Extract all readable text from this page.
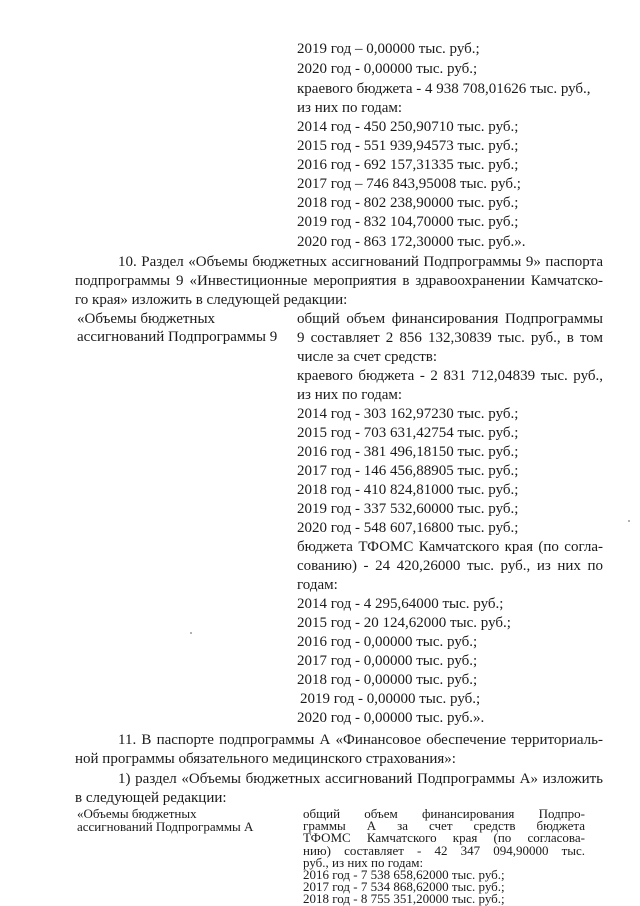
2019 год – 0,00000 тыс. руб.;
2020 год - 0,00000 тыс. руб.;
краевого бюджета - 4 938 708,01626 тыс. руб.,
из них по годам:
2014 год - 450 250,90710 тыс. руб.;
2015 год - 551 939,94573 тыс. руб.;
2016 год - 692 157,31335 тыс. руб.;
2017 год – 746 843,95008 тыс. руб.;
2018 год - 802 238,90000 тыс. руб.;
2019 год - 832 104,70000 тыс. руб.;
2020 год - 863 172,30000 тыс. руб.».
10. Раздел «Объемы бюджетных ассигнований Подпрограммы 9» паспорта
подпрограммы 9 «Инвестиционные мероприятия в здравоохранении Камчатско-
го края» изложить в следующей редакции:
«Объемы бюджетных
ассигнований Подпрограммы 9
общий объем финансирования Подпрограммы
9 составляет 2 856 132,30839 тыс. руб., в том
числе за счет средств:
краевого бюджета - 2 831 712,04839 тыс. руб.,
из них по годам:
2014 год - 303 162,97230 тыс. руб.;
2015 год - 703 631,42754 тыс. руб.;
2016 год - 381 496,18150 тыс. руб.;
2017 год - 146 456,88905 тыс. руб.;
2018 год - 410 824,81000 тыс. руб.;
2019 год - 337 532,60000 тыс. руб.;
2020 год - 548 607,16800 тыс. руб.;
бюджета ТФОМС Камчатского края (по согла-
сованию) - 24 420,26000 тыс. руб., из них по
годам:
2014 год - 4 295,64000 тыс. руб.;
2015 год - 20 124,62000 тыс. руб.;
2016 год - 0,00000 тыс. руб.;
2017 год - 0,00000 тыс. руб.;
2018 год - 0,00000 тыс. руб.;
2019 год - 0,00000 тыс. руб.;
2020 год - 0,00000 тыс. руб.».
11. В паспорте подпрограммы А «Финансовое обеспечение территориаль-
ной программы обязательного медицинского страхования»:
1) раздел «Объемы бюджетных ассигнований Подпрограммы А» изложить
в следующей редакции:
«Объемы бюджетных
ассигнований Подпрограммы А
общий объем финансирования Подпро-
граммы А за счет средств бюджета
ТФОМС Камчатского края (по согласова-
нию) составляет - 42 347 094,90000 тыс.
руб., из них по годам:
2016 год - 7 538 658,62000 тыс. руб.;
2017 год - 7 534 868,62000 тыс. руб.;
2018 год - 8 755 351,20000 тыс. руб.;
